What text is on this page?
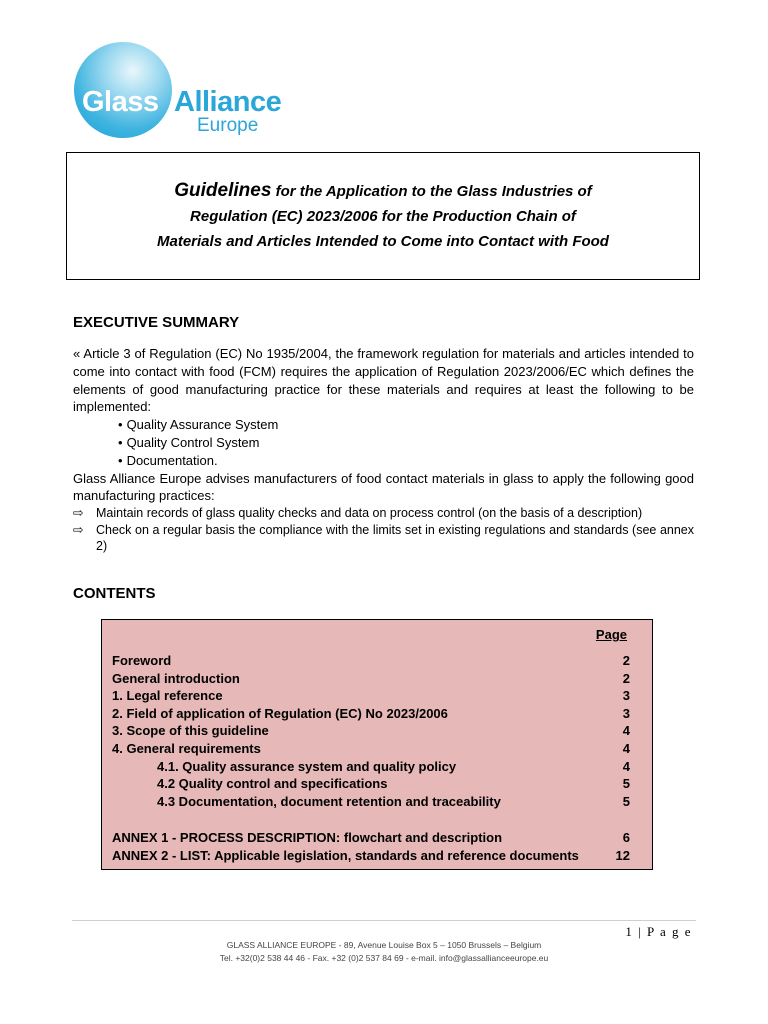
Glass Alliance
Europe
Guidelines for the Application to the Glass Industries of
Regulation (EC) 2023/2006 for the Production Chain of
Materials and Articles Intended to Come into Contact with Food
EXECUTIVE SUMMARY

« Article 3 of Regulation (EC) No 1935/2004, the framework regulation for materials and articles intended to come into contact with food (FCM) requires the application of Regulation 2023/2006/EC which defines the elements of good manufacturing practice for these materials and requires at least the following to be implemented:

• Quality Assurance System
• Quality Control System
• Documentation.

Glass Alliance Europe advises manufacturers of food contact materials in glass to apply the following good manufacturing practices:

⇨ Maintain records of glass quality checks and data on process control (on the basis of a description)
⇨ Check on a regular basis the compliance with the limits set in existing regulations and standards (see annex 2)
CONTENTS
Page
Foreword	2
General introduction	2
1. Legal reference	3
2. Field of application of Regulation (EC) No 2023/2006	3
3. Scope of this guideline	4
4. General requirements	4
4.1. Quality assurance system and quality policy	4
4.2 Quality control and specifications	5
4.3 Documentation, document retention and traceability	5
ANNEX 1 - PROCESS DESCRIPTION: flowchart and description	6
ANNEX 2 - LIST: Applicable legislation, standards and reference documents	12
1 | P a g e
GLASS ALLIANCE EUROPE - 89, Avenue Louise Box 5 – 1050 Brussels – Belgium
Tel. +32(0)2 538 44 46 - Fax. +32 (0)2 537 84 69 - e-mail. info@glassallianceeurope.eu
